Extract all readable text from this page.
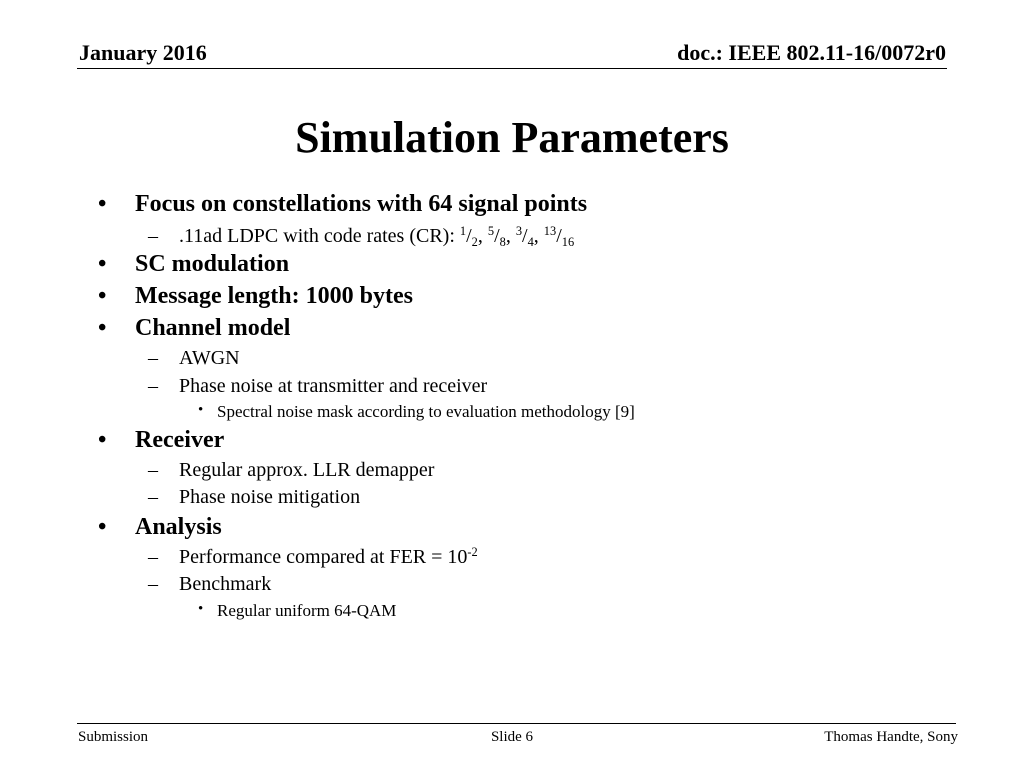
January 2016	doc.: IEEE 802.11-16/0072r0
Simulation Parameters
• Focus on constellations with 64 signal points
– .11ad LDPC with code rates (CR): $^1/_2$, $^5/_8$, $^3/_4$, $^{13}/_{16}$
• SC modulation
• Message length: 1000 bytes
• Channel model
– AWGN
– Phase noise at transmitter and receiver
• Spectral noise mask according to evaluation methodology [9]
• Receiver
– Regular approx. LLR demapper
– Phase noise mitigation
• Analysis
– Performance compared at FER = $10^{-2}$
– Benchmark
• Regular uniform 64-QAM
Submission	Slide 6	Thomas Handte, Sony
